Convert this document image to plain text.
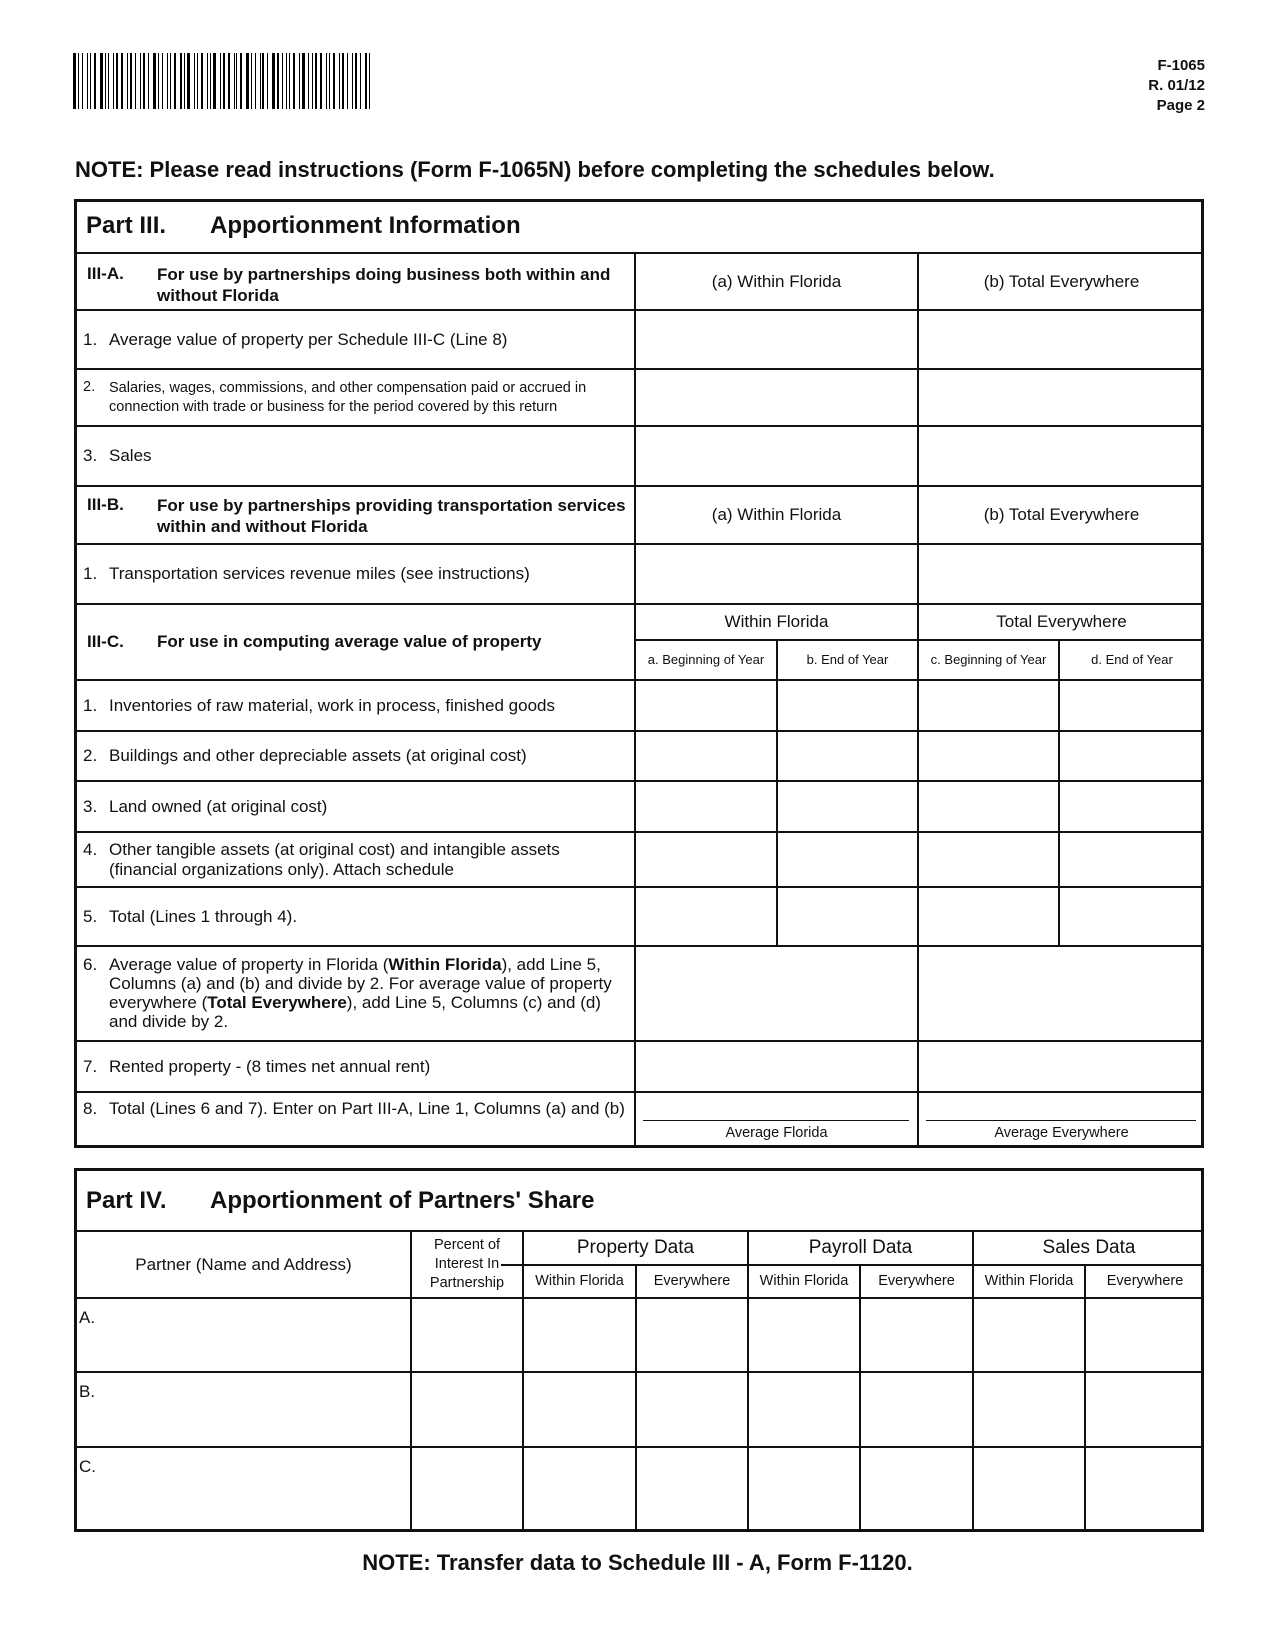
F-1065
R. 01/12
Page 2
NOTE: Please read instructions (Form F-1065N) before completing the schedules below.
Part III. Apportionment Information
III-A. For use by partnerships doing business both within and without Florida
(a) Within Florida	(b) Total Everywhere
1. Average value of property per Schedule III-C (Line 8)
2. Salaries, wages, commissions, and other compensation paid or accrued in connection with trade or business for the period covered by this return
3. Sales
III-B. For use by partnerships providing transportation services within and without Florida
(a) Within Florida	(b) Total Everywhere
1. Transportation services revenue miles (see instructions)
III-C.	For use in computing average value of property
Within Florida	Total Everywhere
a. Beginning of Year	b. End of Year	c. Beginning of Year	d. End of Year
1. Inventories of raw material, work in process, finished goods
2. Buildings and other depreciable assets (at original cost)
3. Land owned (at original cost)
4. Other tangible assets (at original cost) and intangible assets (financial organizations only). Attach schedule
5. Total (Lines 1 through 4).
6. Average value of property in Florida (Within Florida), add Line 5, Columns (a) and (b) and divide by 2. For average value of property everywhere (Total Everywhere), add Line 5, Columns (c) and (d) and divide by 2.
7. Rented property - (8 times net annual rent)
8. Total (Lines 6 and 7). Enter on Part III-A, Line 1, Columns (a) and (b)
Average Florida	Average Everywhere
Part IV. Apportionment of Partners' Share
Partner (Name and Address)
Percent of Interest In Partnership
Property Data	Payroll Data	Sales Data
Within Florida	Everywhere	Within Florida	Everywhere	Within Florida	Everywhere
A.
B.
C.
NOTE: Transfer data to Schedule III - A, Form F-1120.
